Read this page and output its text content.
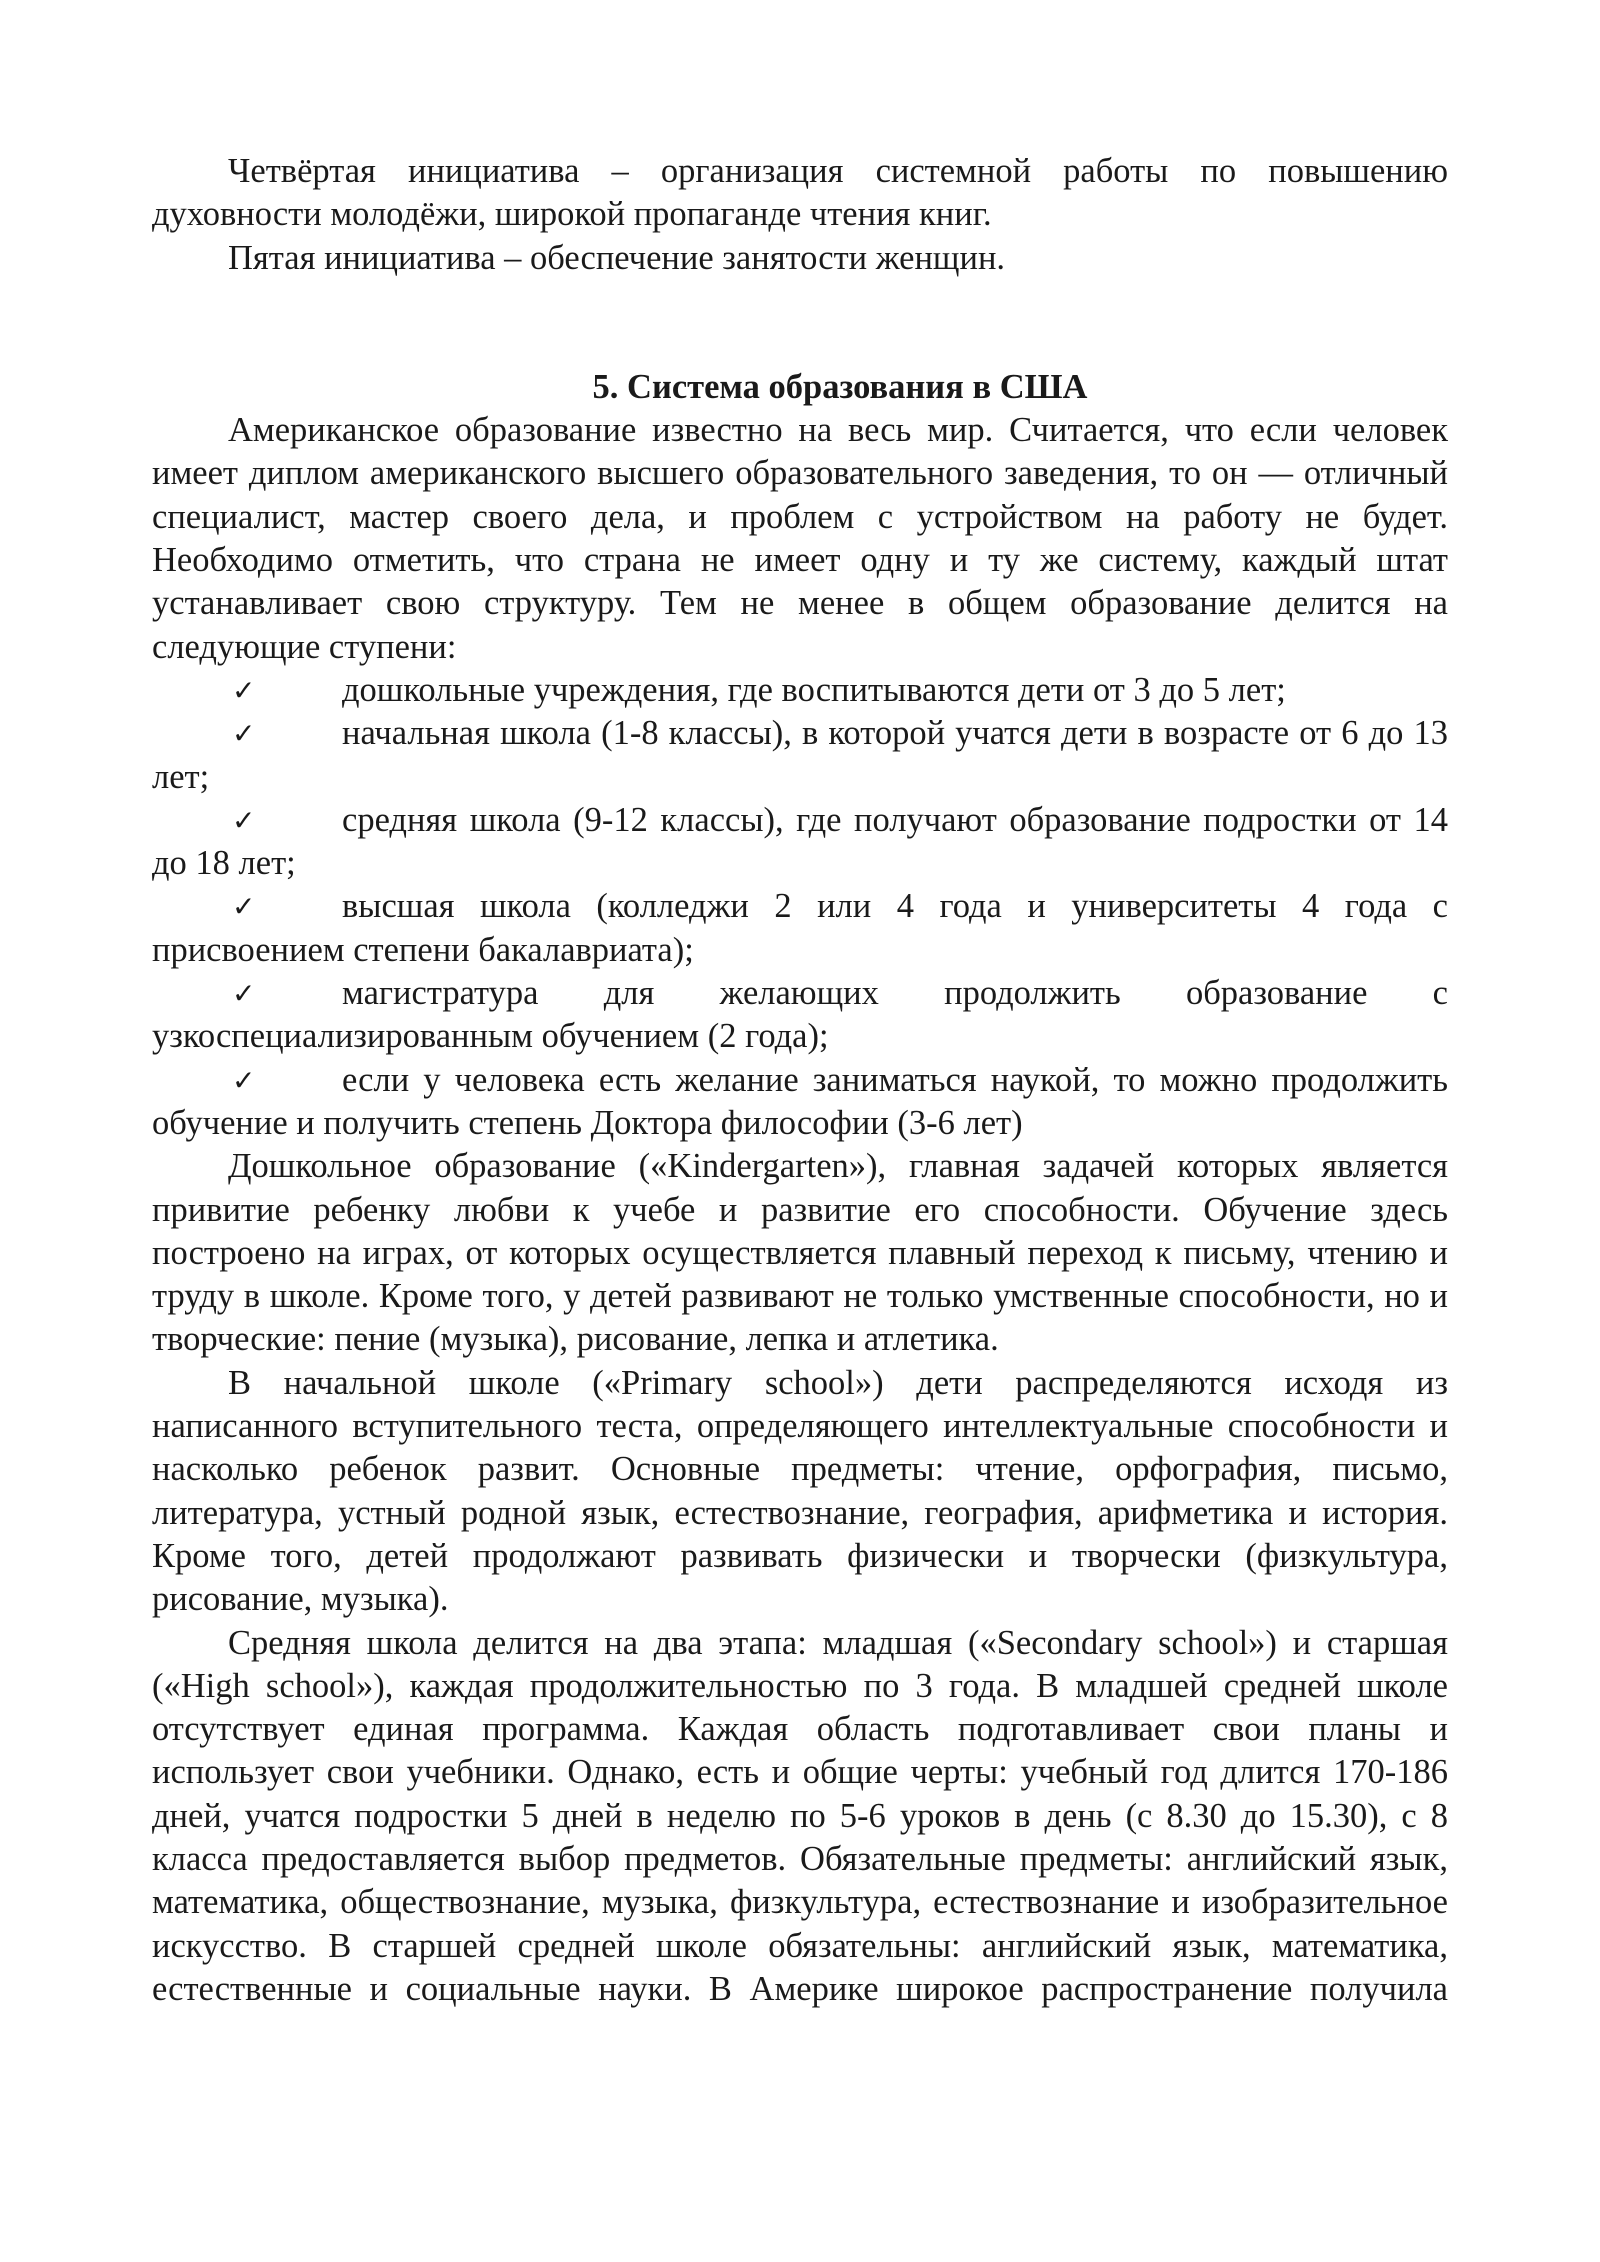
Четвёртая инициатива – организация системной работы по повышению духовности молодёжи, широкой пропаганде чтения книг.

Пятая инициатива – обеспечение занятости женщин.

5. Система образования в США

Американское образование известно на весь мир. Считается, что если человек имеет диплом американского высшего образовательного заведения, то он — отличный специалист, мастер своего дела, и проблем с устройством на работу не будет. Необходимо отметить, что страна не имеет одну и ту же систему, каждый штат устанавливает свою структуру. Тем не менее в общем образование делится на следующие ступени:

✓	дошкольные учреждения, где воспитываются дети от 3 до 5 лет;

✓	начальная школа (1-8 классы), в которой учатся дети в возрасте от 6 до 13 лет;

✓	средняя школа (9-12 классы), где получают образование подростки от 14 до 18 лет;

✓	высшая школа (колледжи 2 или 4 года и университеты 4 года с присвоением степени бакалавриата);

✓	магистратура для желающих продолжить образование с узкоспециализированным обучением (2 года);

✓	если у человека есть желание заниматься наукой, то можно продолжить обучение и получить степень Доктора философии (3-6 лет)

Дошкольное образование («Kindergarten»), главная задачей которых является привитие ребенку любви к учебе и развитие его способности. Обучение здесь построено на играх, от которых осуществляется плавный переход к письму, чтению и труду в школе. Кроме того, у детей развивают не только умственные способности, но и творческие: пение (музыка), рисование, лепка и атлетика.

В начальной школе («Primary school») дети распределяются исходя из написанного вступительного теста, определяющего интеллектуальные способности и насколько ребенок развит. Основные предметы: чтение, орфография, письмо, литература, устный родной язык, естествознание, география, арифметика и история. Кроме того, детей продолжают развивать физически и творчески (физкультура, рисование, музыка).

Средняя школа делится на два этапа: младшая («Secondary school») и старшая («High school»), каждая продолжительностью по 3 года. В младшей средней школе отсутствует единая программа. Каждая область подготавливает свои планы и использует свои учебники. Однако, есть и общие черты: учебный год длится 170-186 дней, учатся подростки 5 дней в неделю по 5-6 уроков в день (с 8.30 до 15.30), с 8 класса предоставляется выбор предметов. Обязательные предметы: английский язык, математика, обществознание, музыка, физкультура, естествознание и изобразительное искусство. В старшей средней школе обязательны: английский язык, математика, естественные и социальные науки. В Америке широкое распространение получила
